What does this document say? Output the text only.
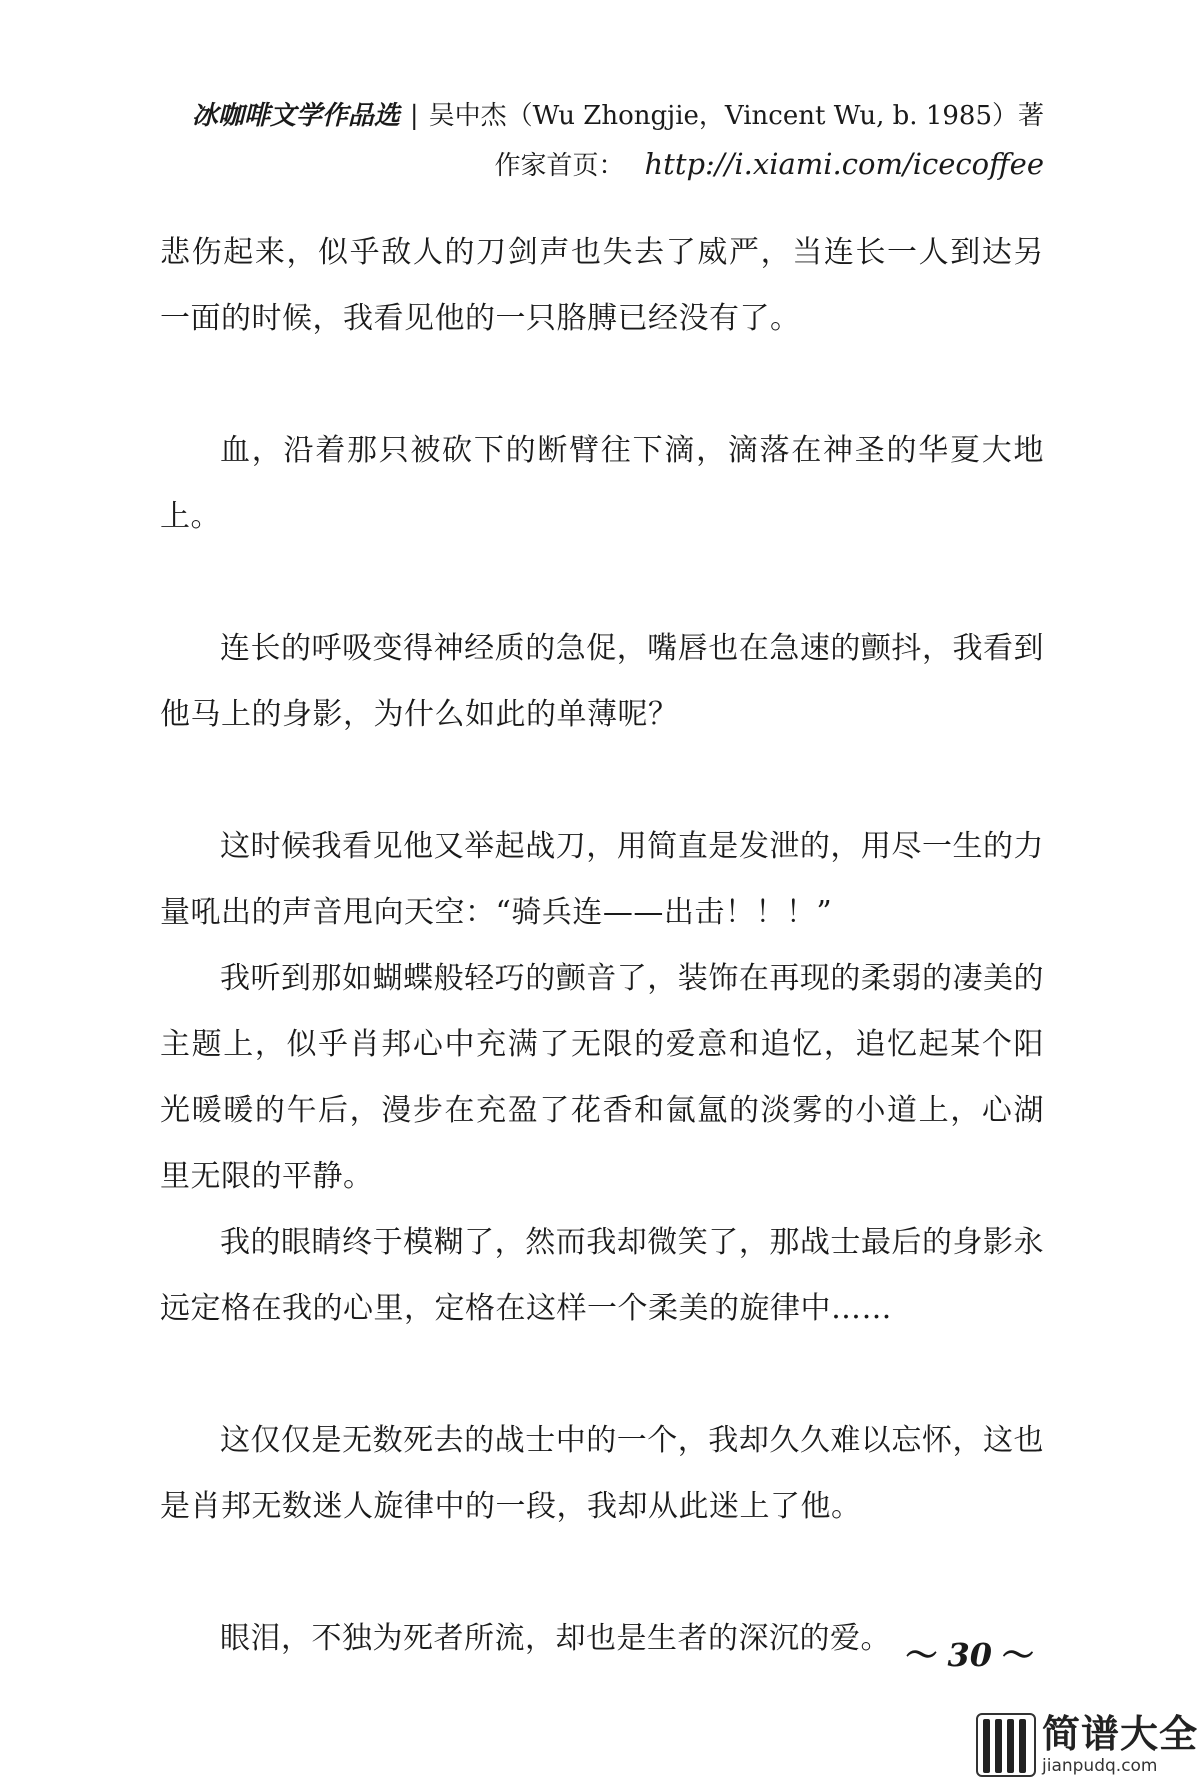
冰咖啡文学作品选 | 吴中杰（Wu Zhongjie，Vincent Wu, b. 1985）著
作家首页： http://i.xiami.com/icecoffee

悲伤起来，似乎敌人的刀剑声也失去了威严，当连长一人到达另一面的时候，我看见他的一只胳膊已经没有了。

血，沿着那只被砍下的断臂往下滴，滴落在神圣的华夏大地上。

连长的呼吸变得神经质的急促，嘴唇也在急速的颤抖，我看到他马上的身影，为什么如此的单薄呢？

这时候我看见他又举起战刀，用简直是发泄的，用尽一生的力量吼出的声音甩向天空：“骑兵连——出击！！！”

我听到那如蝴蝶般轻巧的颤音了，装饰在再现的柔弱的凄美的主题上，似乎肖邦心中充满了无限的爱意和追忆，追忆起某个阳光暖暖的午后，漫步在充盈了花香和氤氲的淡雾的小道上，心湖里无限的平静。

我的眼睛终于模糊了，然而我却微笑了，那战士最后的身影永远定格在我的心里，定格在这样一个柔美的旋律中……

这仅仅是无数死去的战士中的一个，我却久久难以忘怀，这也是肖邦无数迷人旋律中的一段，我却从此迷上了他。

眼泪，不独为死者所流，却也是生者的深沉的爱。 ～ 30 ～
简谱大全
jianpudq.com
